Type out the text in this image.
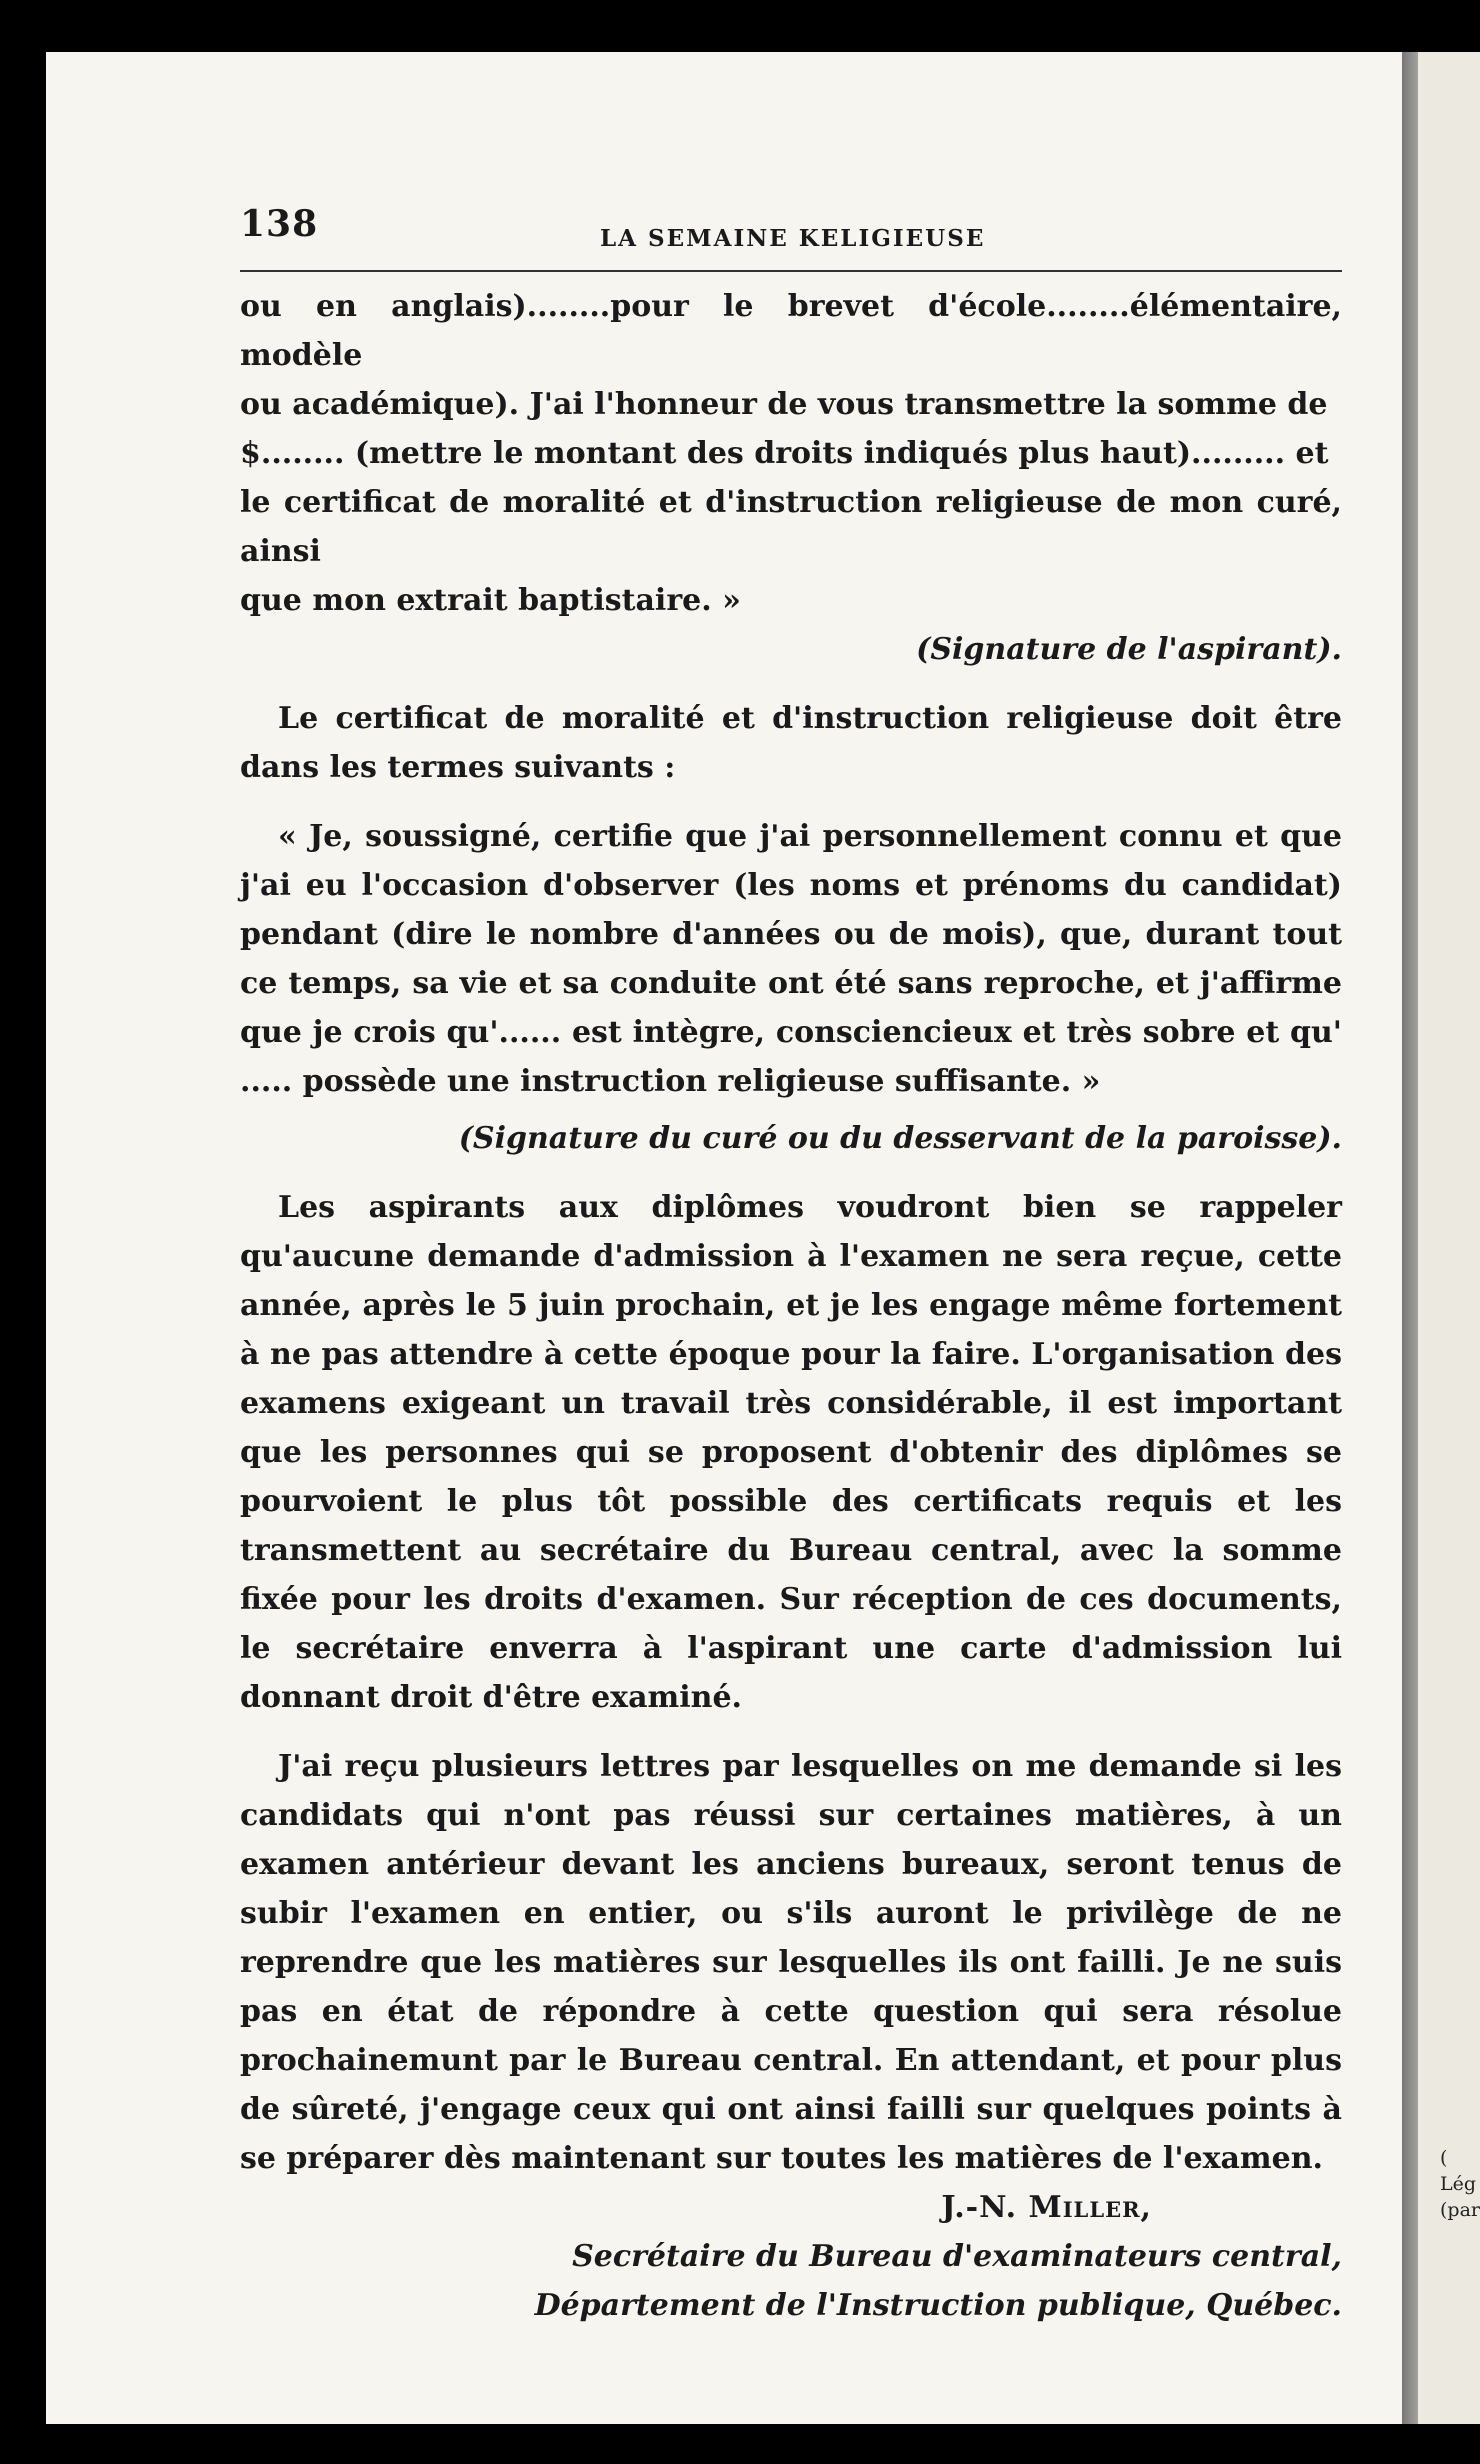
(
Lég
(par
138	LA SEMAINE KELIGIEUSE

ou en anglais)........pour le brevet d'école........élémentaire, modèle

ou académique). J'ai l'honneur de vous transmettre la somme de

$........ (mettre le montant des droits indiqués plus haut)......... et

le certificat de moralité et d'instruction religieuse de mon curé, ainsi

que mon extrait baptistaire. »

(Signature de l'aspirant).

Le certificat de moralité et d'instruction religieuse doit être dans les termes suivants :

« Je, soussigné, certifie que j'ai personnellement connu et que j'ai eu l'occasion d'observer (les noms et prénoms du candidat) pendant (dire le nombre d'années ou de mois), que, durant tout ce temps, sa vie et sa conduite ont été sans reproche, et j'affirme que je crois qu'...... est intègre, consciencieux et très sobre et qu' ..... possède une instruction religieuse suffisante. »

(Signature du curé ou du desservant de la paroisse).

Les aspirants aux diplômes voudront bien se rappeler qu'aucune demande d'admission à l'examen ne sera reçue, cette année, après le 5 juin prochain, et je les engage même fortement à ne pas attendre à cette époque pour la faire. L'organisation des examens exigeant un travail très considérable, il est important que les personnes qui se proposent d'obtenir des diplômes se pourvoient le plus tôt possible des certificats requis et les transmettent au secrétaire du Bureau central, avec la somme fixée pour les droits d'examen. Sur réception de ces documents, le secrétaire enverra à l'aspirant une carte d'admission lui donnant droit d'être examiné.

J'ai reçu plusieurs lettres par lesquelles on me demande si les candidats qui n'ont pas réussi sur certaines matières, à un examen antérieur devant les anciens bureaux, seront tenus de subir l'examen en entier, ou s'ils auront le privilège de ne reprendre que les matières sur lesquelles ils ont failli. Je ne suis pas en état de répondre à cette question qui sera résolue prochainemunt par le Bureau central. En attendant, et pour plus de sûreté, j'engage ceux qui ont ainsi failli sur quelques points à se préparer dès maintenant sur toutes les matières de l'examen.

J.-N. Miller,

Secrétaire du Bureau d'examinateurs central,

Département de l'Instruction publique, Québec.
